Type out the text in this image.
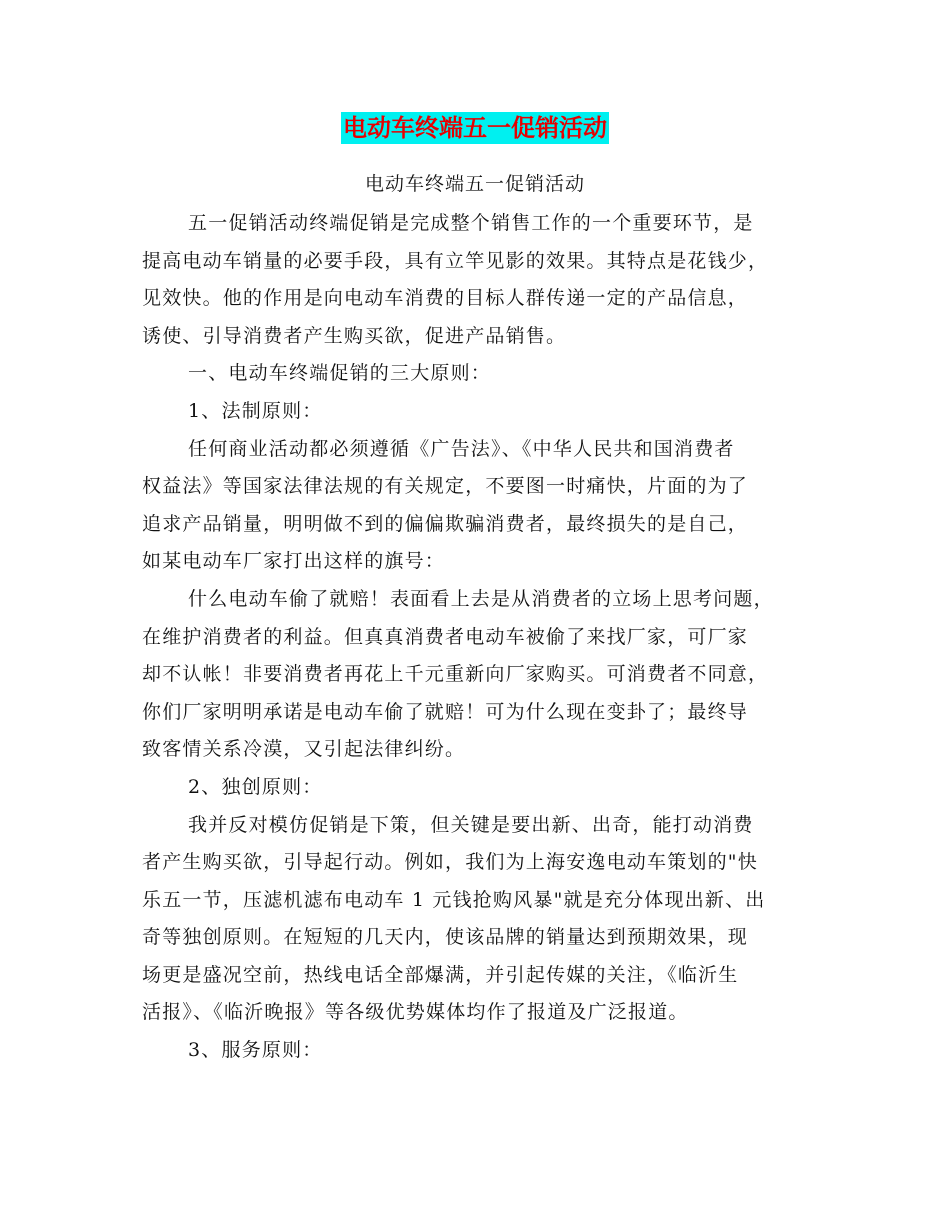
电动车终端五一促销活动
电动车终端五一促销活动
五一促销活动终端促销是完成整个销售工作的一个重要环节，是
提高电动车销量的必要手段，具有立竿见影的效果。其特点是花钱少，
见效快。他的作用是向电动车消费的目标人群传递一定的产品信息，
诱使、引导消费者产生购买欲，促进产品销售。
一、电动车终端促销的三大原则：
1、法制原则：
任何商业活动都必须遵循《广告法》、《中华人民共和国消费者
权益法》等国家法律法规的有关规定，不要图一时痛快，片面的为了
追求产品销量，明明做不到的偏偏欺骗消费者，最终损失的是自己，
如某电动车厂家打出这样的旗号：
什么电动车偷了就赔！表面看上去是从消费者的立场上思考问题，
在维护消费者的利益。但真真消费者电动车被偷了来找厂家，可厂家
却不认帐！非要消费者再花上千元重新向厂家购买。可消费者不同意，
你们厂家明明承诺是电动车偷了就赔！可为什么现在变卦了；最终导
致客情关系冷漠，又引起法律纠纷。
2、独创原则：
我并反对模仿促销是下策，但关键是要出新、出奇，能打动消费
者产生购买欲，引导起行动。例如，我们为上海安逸电动车策划的"快
乐五一节，压滤机滤布电动车 1 元钱抢购风暴"就是充分体现出新、出
奇等独创原则。在短短的几天内，使该品牌的销量达到预期效果，现
场更是盛况空前，热线电话全部爆满，并引起传媒的关注，《临沂生
活报》、《临沂晚报》等各级优势媒体均作了报道及广泛报道。
3、服务原则：
